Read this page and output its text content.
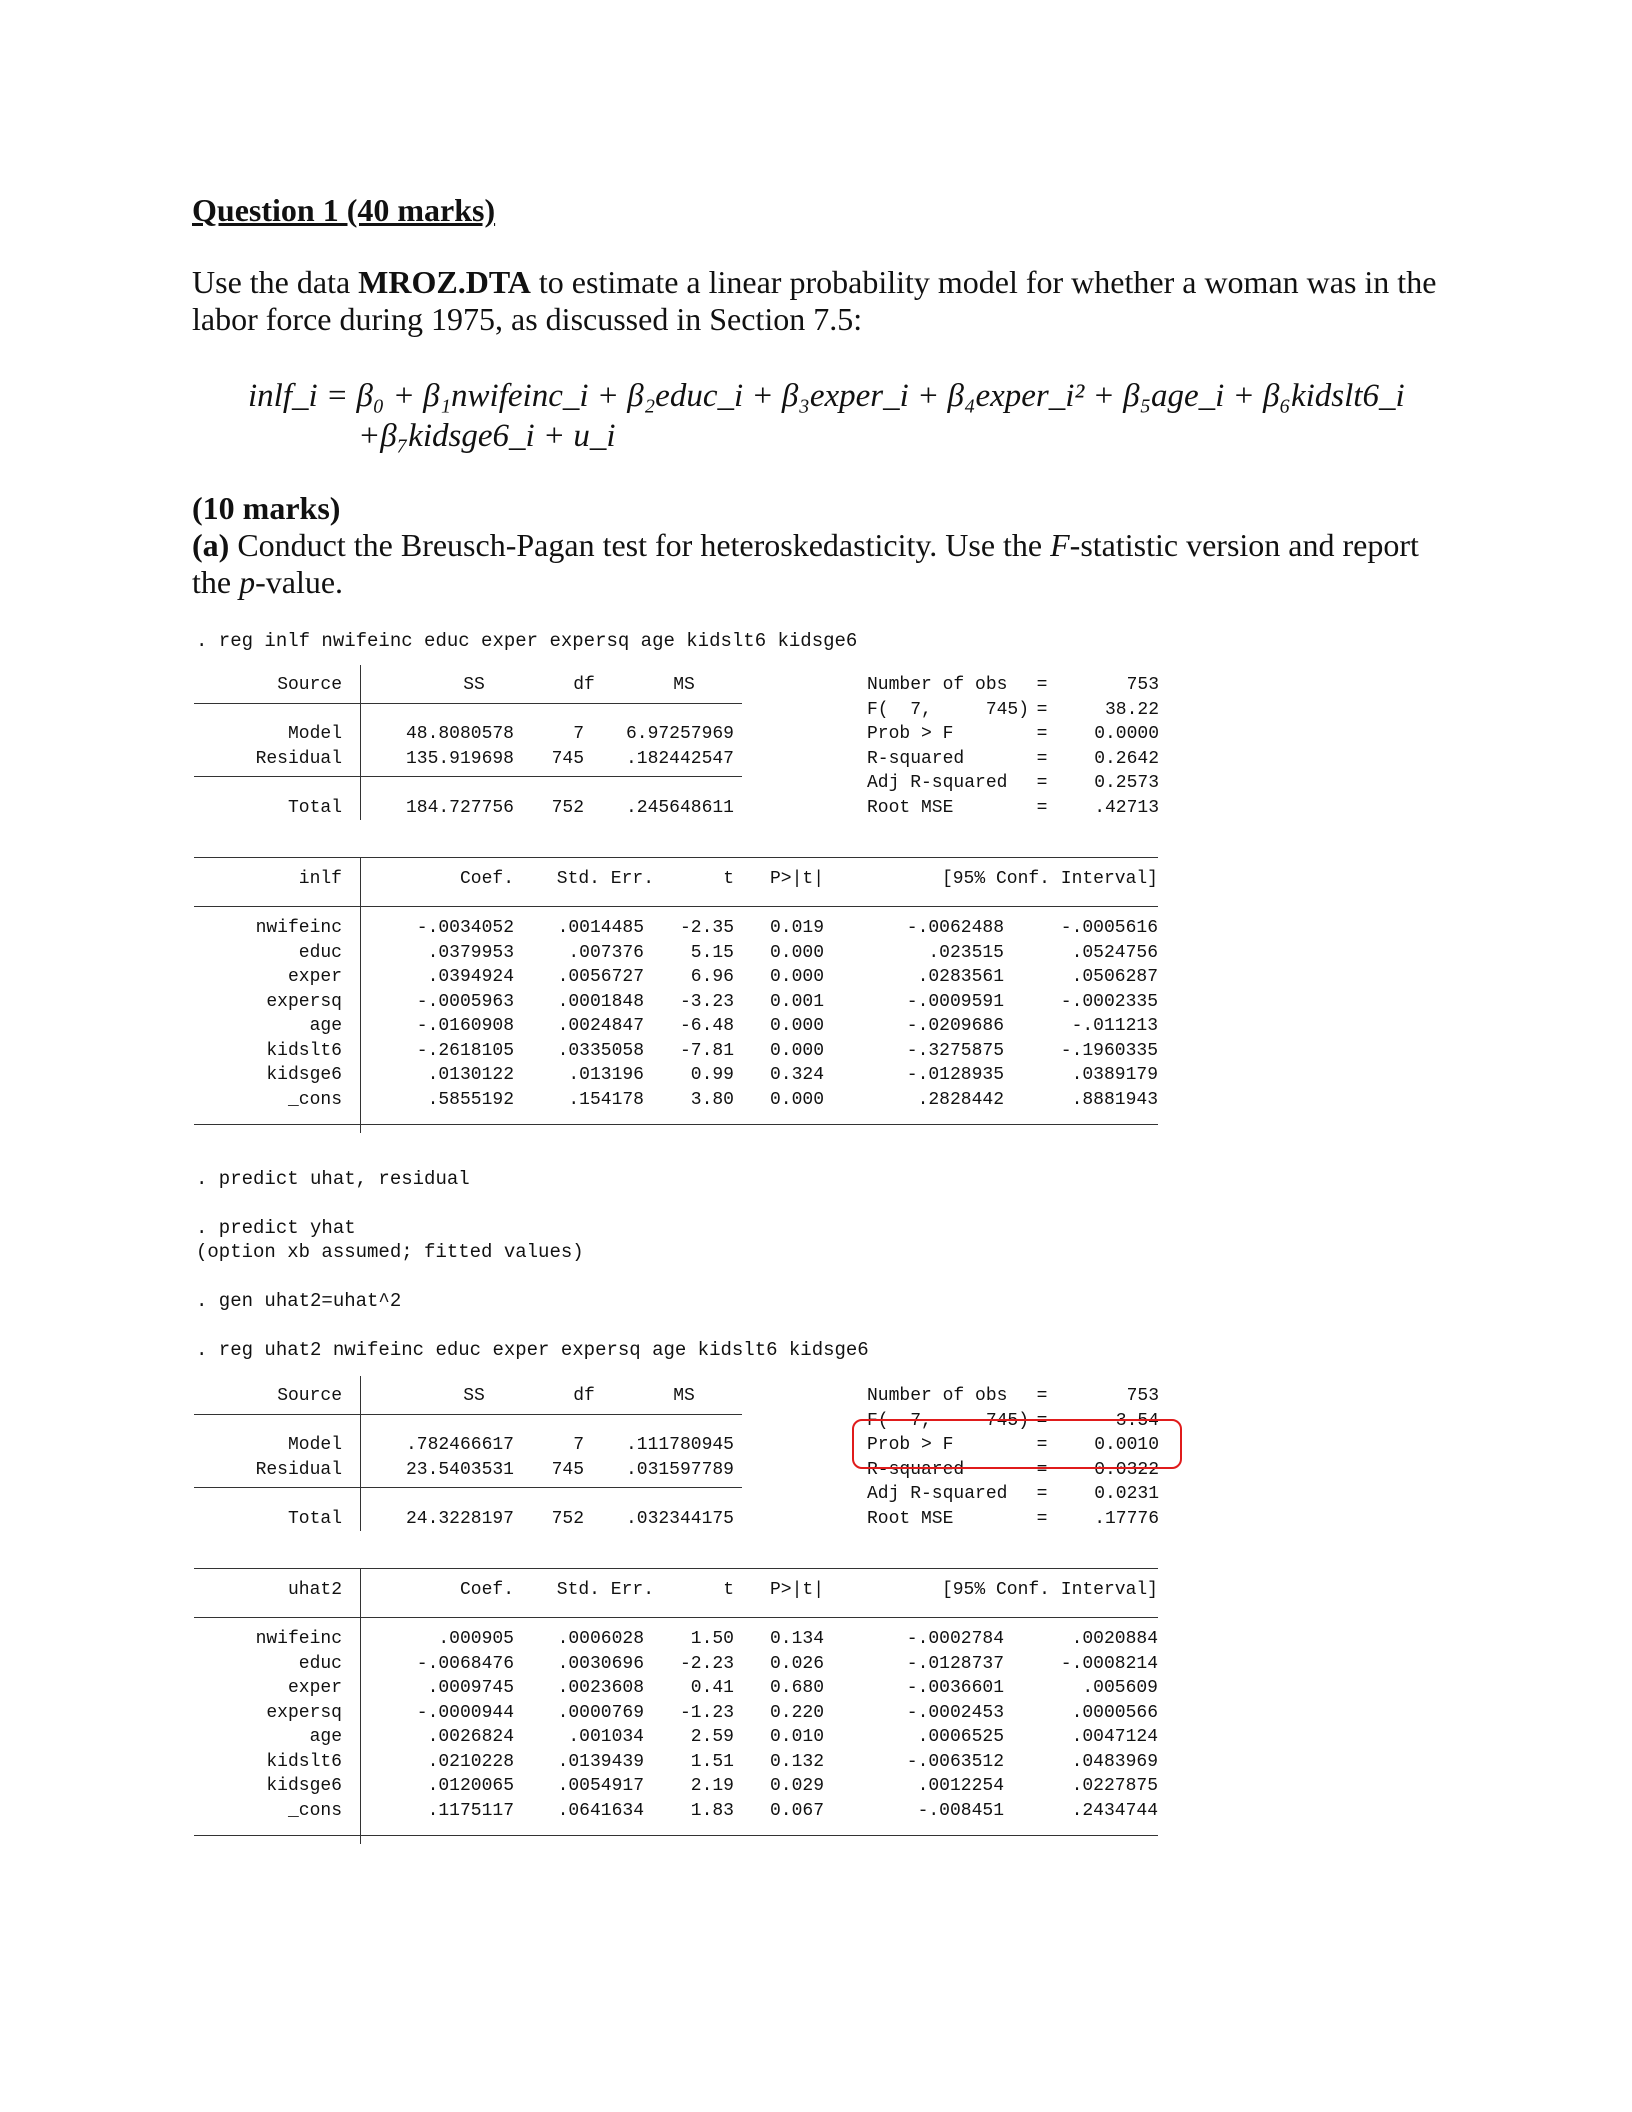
Question 1 (40 marks)
Use the data MROZ.DTA to estimate a linear probability model for whether a woman was in the labor force during 1975, as discussed in Section 7.5:
inlf_i = β₀ + β₁nwifeinc_i + β₂educ_i + β₃exper_i + β₄exper_i² + β₅age_i + β₆kidslt6_i
+β₇kidsge6_i + u_i
(10 marks)
(a) Conduct the Breusch-Pagan test for heteroskedasticity. Use the F-statistic version and report the p-value.
. reg inlf nwifeinc educ exper expersq age kidslt6 kidsge6
Source	SS	df	MS
Model	48.8080578	7	6.97257969
Residual	135.919698	745	.182442547
Total	184.727756	752	.245648611
Number of obs	=	753
F(  7,     745) =	38.22
Prob > F	=	0.0000
R-squared	=	0.2642
Adj R-squared	=	0.2573
Root MSE	=	.42713
inlf	Coef.	Std. Err.	t	P>|t|	[95% Conf. Interval]
nwifeinc	-.0034052	.0014485	-2.35	0.019	-.0062488	-.0005616
educ	.0379953	.007376	5.15	0.000	.023515	.0524756
exper	.0394924	.0056727	6.96	0.000	.0283561	.0506287
expersq	-.0005963	.0001848	-3.23	0.001	-.0009591	-.0002335
age	-.0160908	.0024847	-6.48	0.000	-.0209686	-.011213
kidslt6	-.2618105	.0335058	-7.81	0.000	-.3275875	-.1960335
kidsge6	.0130122	.013196	0.99	0.324	-.0128935	.0389179
_cons	.5855192	.154178	3.80	0.000	.2828442	.8881943
. predict uhat, residual
. predict yhat
(option xb assumed; fitted values)
. gen uhat2=uhat^2
. reg uhat2 nwifeinc educ exper expersq age kidslt6 kidsge6
Source	SS	df	MS
Model	.782466617	7	.111780945
Residual	23.5403531	745	.031597789
Total	24.3228197	752	.032344175
Number of obs	=	753
F(  7,     745) =	3.54
Prob > F	=	0.0010
R-squared	=	0.0322
Adj R-squared	=	0.0231
Root MSE	=	.17776
uhat2	Coef.	Std. Err.	t	P>|t|	[95% Conf. Interval]
nwifeinc	.000905	.0006028	1.50	0.134	-.0002784	.0020884
educ	-.0068476	.0030696	-2.23	0.026	-.0128737	-.0008214
exper	.0009745	.0023608	0.41	0.680	-.0036601	.005609
expersq	-.0000944	.0000769	-1.23	0.220	-.0002453	.0000566
age	.0026824	.001034	2.59	0.010	.0006525	.0047124
kidslt6	.0210228	.0139439	1.51	0.132	-.0063512	.0483969
kidsge6	.0120065	.0054917	2.19	0.029	.0012254	.0227875
_cons	.1175117	.0641634	1.83	0.067	-.008451	.2434744
